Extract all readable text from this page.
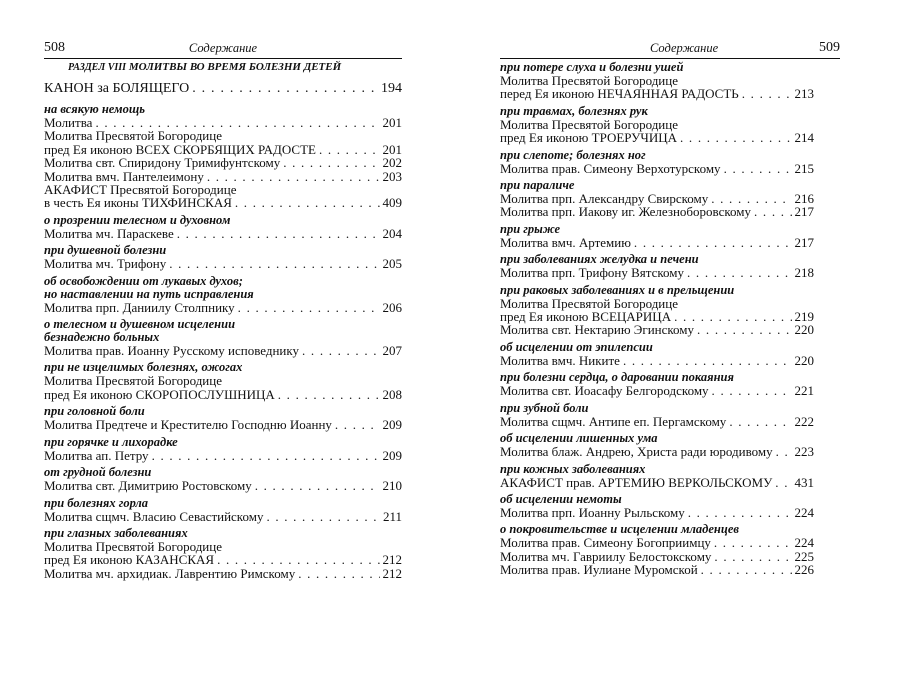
508	Содержание

РАЗДЕЛ VIII МОЛИТВЫ ВО ВРЕМЯ БОЛЕЗНИ ДЕТЕЙ

КАНОН за БОЛЯЩЕГО . . .	194

на всякую немощь

Молитва . . .	201
Молитва Пресвятой Богородице
пред Ея иконою ВСЕХ СКОРБЯЩИХ РАДОСТЕ . . .	201
Молитва свт. Спиридону Тримифунтскому . . .	202
Молитва вмч. Пантелеимону . . .	203
АКАФИСТ Пресвятой Богородице
в честь Ея иконы ТИХФИНСКАЯ . . .	409

о прозрении телесном и духовном

Молитва мч. Параскеве . . .	204

при душевной болезни

Молитва мч. Трифону . . .	205

об освобождении от лукавых духов;

но наставлении на путь исправления

Молитва прп. Даниилу Столпнику . . .	206

о телесном и душевном исцелении

безнадежно больных

Молитва прав. Иоанну Русскому исповеднику . . .	207

при не изцелимых болезнях, ожогах

Молитва Пресвятой Богородице
пред Ея иконою СКОРОПОСЛУШНИЦА . . .	208

при головной боли

Молитва Предтече и Крестителю Господню Иоанну . . .	209

при горячке и лихорадке

Молитва ап. Петру . . .	209

от грудной болезни

Молитва свт. Димитрию Ростовскому . . .	210

при болезнях горла

Молитва сщмч. Власию Севастийскому . . .	211

при глазных заболеваниях

Молитва Пресвятой Богородице
пред Ея иконою КАЗАНСКАЯ . . .	212
Молитва мч. архидиак. Лаврентию Римскому . . .	212
Содержание	509

при потере слуха и болезни ушей

Молитва Пресвятой Богородице
перед Ея иконою НЕЧАЯННАЯ РАДОСТЬ . . .	213

при травмах, болезнях рук

Молитва Пресвятой Богородице
пред Ея иконою ТРОЕРУЧИЦА . . .	214

при слепоте; болезнях ног

Молитва прав. Симеону Верхотурскому . . .	215

при параличе

Молитва прп. Александру Свирскому . . .	216
Молитва прп. Иакову иг. Железноборовскому . . .	217

при грыже

Молитва вмч. Артемию . . .	217

при заболеваниях желудка и печени

Молитва прп. Трифону Вятскому . . .	218

при раковых заболеваниях и в прельщении

Молитва Пресвятой Богородице
пред Ея иконою ВСЕЦАРИЦА . . .	219
Молитва свт. Нектарию Эгинскому . . .	220

об исцелении от эпилепсии

Молитва вмч. Никите . . .	220

при болезни сердца, о даровании покаяния

Молитва свт. Иоасафу Белгородскому . . .	221

при зубной боли

Молитва сщмч. Антипе еп. Пергамскому . . .	222

об исцелении лишенных ума

Молитва блаж. Андрею, Христа ради юродивому . . . 223

при кожных заболеваниях

АКАФИСТ прав. АРТЕМИЮ ВЕРКОЛЬСКОМУ . . . 431

об исцелении немоты

Молитва прп. Иоанну Рыльскому . . .	224

о покровительстве и исцелении младенцев

Молитва прав. Симеону Богоприимцу . . .	224
Молитва мч. Гавриилу Белостокскому . . .	225
Молитва прав. Иулиане Муромской . . .	226
